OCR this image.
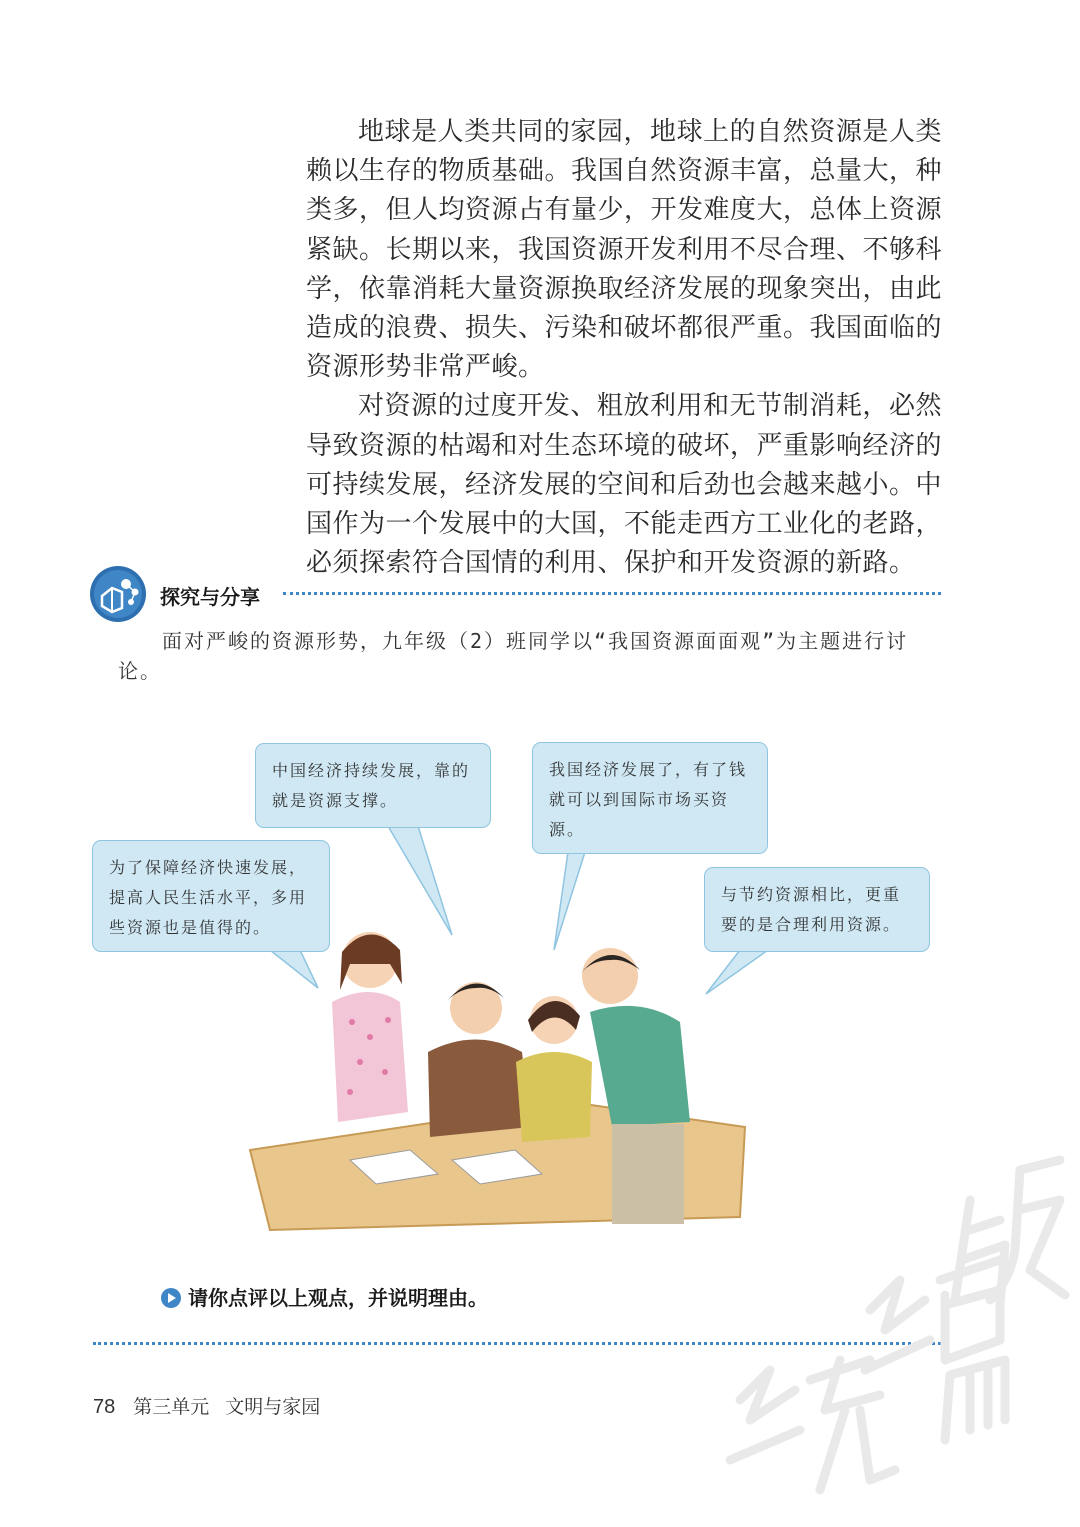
地球是人类共同的家园，地球上的自然资源是人类赖以生存的物质基础。我国自然资源丰富，总量大，种类多，但人均资源占有量少，开发难度大，总体上资源紧缺。长期以来，我国资源开发利用不尽合理、不够科学，依靠消耗大量资源换取经济发展的现象突出，由此造成的浪费、损失、污染和破坏都很严重。我国面临的资源形势非常严峻。

对资源的过度开发、粗放利用和无节制消耗，必然导致资源的枯竭和对生态环境的破坏，严重影响经济的可持续发展，经济发展的空间和后劲也会越来越小。中国作为一个发展中的大国，不能走西方工业化的老路，必须探索符合国情的利用、保护和开发资源的新路。

探究与分享

面对严峻的资源形势，九年级（2）班同学以“我国资源面面观”为主题进行讨论。

为了保障经济快速发展，提高人民生活水平，多用些资源也是值得的。
中国经济持续发展，靠的就是资源支撑。
我国经济发展了，有了钱就可以到国际市场买资源。
与节约资源相比，更重要的是合理利用资源。
请你点评以上观点，并说明理由。
78 第三单元 文明与家园
